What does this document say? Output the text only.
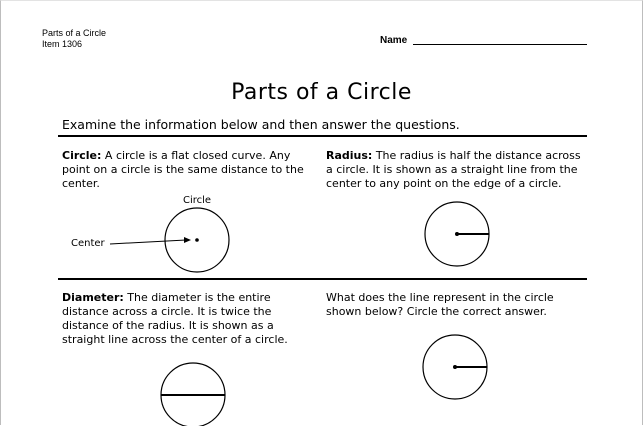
Parts of a Circle
Item 1306	Name
Parts of a Circle
Examine the information below and then answer the questions.
Circle: A circle is a flat closed curve. Any point on a circle is the same distance to the center.
Radius: The radius is half the distance across a circle. It is shown as a straight line from the center to any point on the edge of a circle.
Diameter: The diameter is the entire distance across a circle. It is twice the distance of the radius. It is shown as a straight line across the center of a circle.
What does the line represent in the circle shown below? Circle the correct answer.
Circle
Center
